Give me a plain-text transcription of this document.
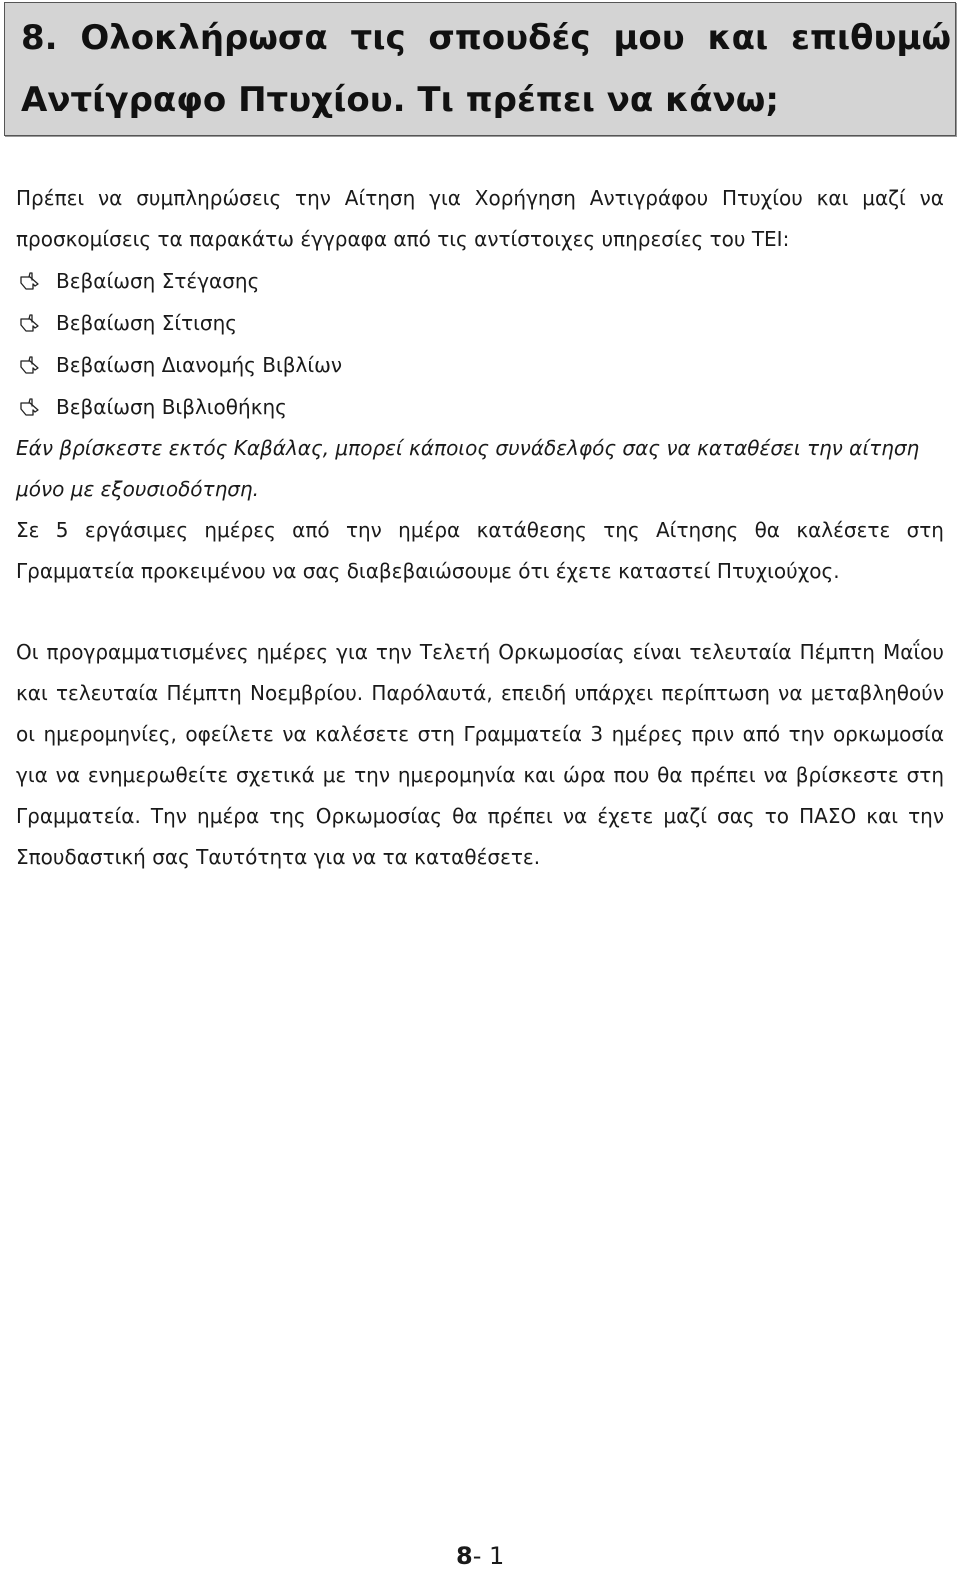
8. Ολοκλήρωσα τις σπουδές μου και επιθυμώ Αντίγραφο Πτυχίου. Τι πρέπει να κάνω;

Πρέπει να συμπληρώσεις την Αίτηση για Χορήγηση Αντιγράφου Πτυχίου και μαζί να προσκομίσεις τα παρακάτω έγγραφα από τις αντίστοιχες υπηρεσίες του ΤΕΙ:

Βεβαίωση Στέγασης
Βεβαίωση Σίτισης
Βεβαίωση Διανομής Βιβλίων
Βεβαίωση Βιβλιοθήκης

Εάν βρίσκεστε εκτός Καβάλας, μπορεί κάποιος συνάδελφός σας να καταθέσει την αίτηση μόνο με εξουσιοδότηση.

Σε 5 εργάσιμες ημέρες από την ημέρα κατάθεσης της Αίτησης θα καλέσετε στη Γραμματεία προκειμένου να σας διαβεβαιώσουμε ότι έχετε καταστεί Πτυχιούχος.

Οι προγραμματισμένες ημέρες για την Τελετή Ορκωμοσίας είναι τελευταία Πέμπτη Μαΐου και τελευταία Πέμπτη Νοεμβρίου. Παρόλαυτά, επειδή υπάρχει περίπτωση να μεταβληθούν οι ημερομηνίες, οφείλετε να καλέσετε στη Γραμματεία 3 ημέρες πριν από την ορκωμοσία για να ενημερωθείτε σχετικά με την ημερομηνία και ώρα που θα πρέπει να βρίσκεστε στη Γραμματεία. Την ημέρα της Ορκωμοσίας θα πρέπει να έχετε μαζί σας το ΠΑΣΟ και την Σπουδαστική σας Ταυτότητα για να τα καταθέσετε.

8- 1
